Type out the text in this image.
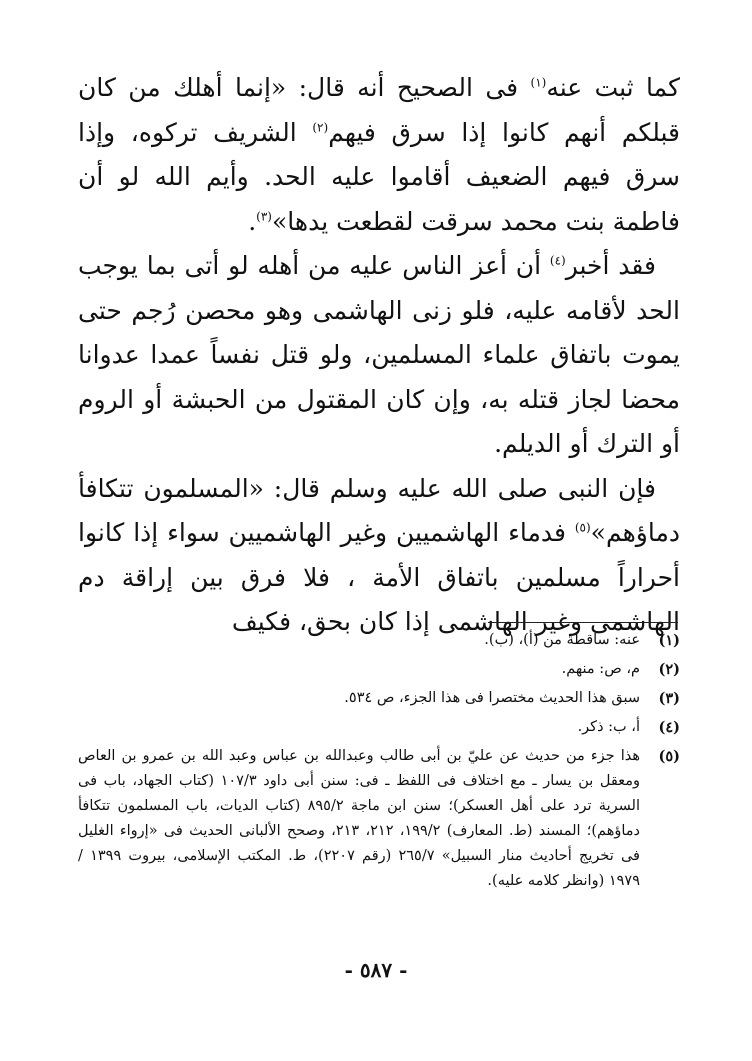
كما ثبت عنه$^{(١)}$ فى الصحيح أنه قال: «إنما أهلك من كان قبلكم أنهم كانوا إذا سرق فيهم$^{(٢)}$ الشريف تركوه، وإذا سرق فيهم الضعيف أقاموا عليه الحد. وأيم الله لو أن فاطمة بنت محمد سرقت لقطعت يدها»$^{(٣)}$.

فقد أخبر$^{(٤)}$ أن أعز الناس عليه من أهله لو أتى بما يوجب الحد لأقامه عليه، فلو زنى الهاشمى وهو محصن رُجم حتى يموت باتفاق علماء المسلمين، ولو قتل نفساً عمدا عدوانا محضا لجاز قتله به، وإن كان المقتول من الحبشة أو الروم أو الترك أو الديلم.

فإن النبى صلى الله عليه وسلم قال: «المسلمون تتكافأ دماؤهم»$^{(٥)}$ فدماء الهاشميين وغير الهاشميين سواء إذا كانوا أحراراً مسلمين باتفاق الأمة ، فلا فرق بين إراقة دم الهاشمى وغير الهاشمى إذا كان بحق، فكيف

(١)
عنه: ساقطة من (أ)، (ب).
(٢)
م، ص: منهم.
(٣)
سبق هذا الحديث مختصرا فى هذا الجزء، ص ٥٣٤.
(٤)
أ، ب: ذكر.
(٥)
هذا جزء من حديث عن عليّ بن أبى طالب وعبدالله بن عباس وعبد الله بن عمرو بن العاص ومعقل بن يسار ـ مع اختلاف فى اللفظ ـ فى: سنن أبى داود ١٠٧/٣ (كتاب الجهاد، باب فى السرية ترد على أهل العسكر)؛ سنن ابن ماجة ٨٩٥/٢ (كتاب الديات، باب المسلمون تتكافأ دماؤهم)؛ المسند (ط. المعارف) ١٩٩/٢، ٢١٢، ٢١٣، وصحح الألبانى الحديث فى «إرواء الغليل فى تخريج أحاديث منار السبيل» ٢٦٥/٧ (رقم ٢٢٠٧)، ط. المكتب الإسلامى، بيروت ١٣٩٩ / ١٩٧٩ (وانظر كلامه عليه).
- ٥٨٧ -
